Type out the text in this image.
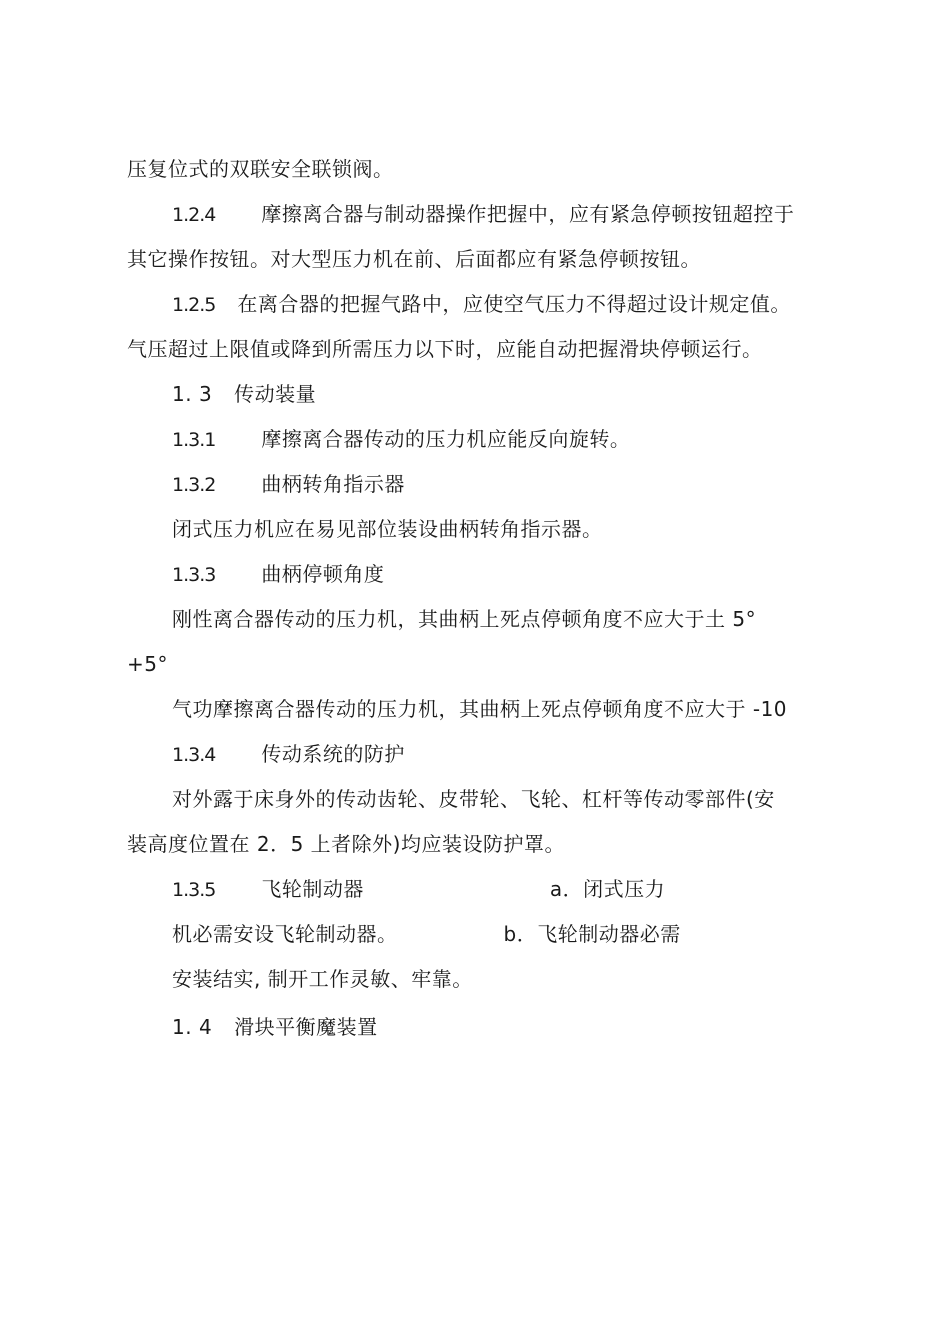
压复位式的双联安全联锁阀。
1.2.4 摩擦离合器与制动器操作把握中，应有紧急停顿按钮超控于
其它操作按钮。对大型压力机在前、后面都应有紧急停顿按钮。
1.2.5 在离合器的把握气路中，应使空气压力不得超过设计规定值。
气压超过上限值或降到所需压力以下时，应能自动把握滑块停顿运行。
1. 3 传动装量
1.3.1 摩擦离合器传动的压力机应能反向旋转。
1.3.2 曲柄转角指示器
闭式压力机应在易见部位装设曲柄转角指示器。
1.3.3 曲柄停顿角度
刚性离合器传动的压力机，其曲柄上死点停顿角度不应大于土 5°
+5°
气功摩擦离合器传动的压力机，其曲柄上死点停顿角度不应大于 -10
1.3.4 传动系统的防护
对外露于床身外的传动齿轮、皮带轮、飞轮、杠杆等传动零部件(安
装高度位置在 2．5 上者除外)均应装设防护罩。
1.3.5 飞轮制动器	a．闭式压力
机必需安设飞轮制动器。	b．飞轮制动器必需
安装结实, 制开工作灵敏、牢靠。
1. 4 滑块平衡魔装置
